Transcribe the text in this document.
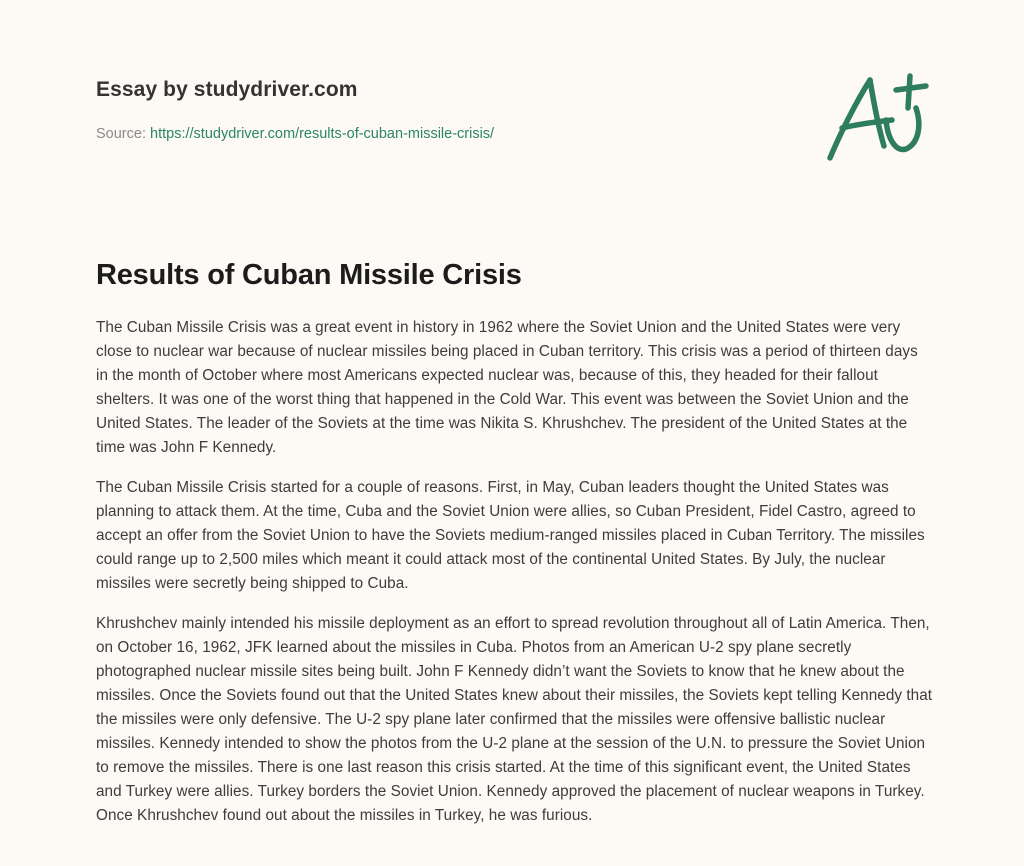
Essay by studydriver.com
Source: https://studydriver.com/results-of-cuban-missile-crisis/
Results of Cuban Missile Crisis

The Cuban Missile Crisis was a great event in history in 1962 where the Soviet Union and the United States were very close to nuclear war because of nuclear missiles being placed in Cuban territory. This crisis was a period of thirteen days in the month of October where most Americans expected nuclear was, because of this, they headed for their fallout shelters. It was one of the worst thing that happened in the Cold War. This event was between the Soviet Union and the United States. The leader of the Soviets at the time was Nikita S. Khrushchev. The president of the United States at the time was John F Kennedy.

The Cuban Missile Crisis started for a couple of reasons. First, in May, Cuban leaders thought the United States was planning to attack them. At the time, Cuba and the Soviet Union were allies, so Cuban President, Fidel Castro, agreed to accept an offer from the Soviet Union to have the Soviets medium-ranged missiles placed in Cuban Territory. The missiles could range up to 2,500 miles which meant it could attack most of the continental United States. By July, the nuclear missiles were secretly being shipped to Cuba.

Khrushchev mainly intended his missile deployment as an effort to spread revolution throughout all of Latin America. Then, on October 16, 1962, JFK learned about the missiles in Cuba. Photos from an American U-2 spy plane secretly photographed nuclear missile sites being built. John F Kennedy didn’t want the Soviets to know that he knew about the missiles. Once the Soviets found out that the United States knew about their missiles, the Soviets kept telling Kennedy that the missiles were only defensive. The U-2 spy plane later confirmed that the missiles were offensive ballistic nuclear missiles. Kennedy intended to show the photos from the U-2 plane at the session of the U.N. to pressure the Soviet Union to remove the missiles. There is one last reason this crisis started. At the time of this significant event, the United States and Turkey were allies. Turkey borders the Soviet Union. Kennedy approved the placement of nuclear weapons in Turkey. Once Khrushchev found out about the missiles in Turkey, he was furious.
